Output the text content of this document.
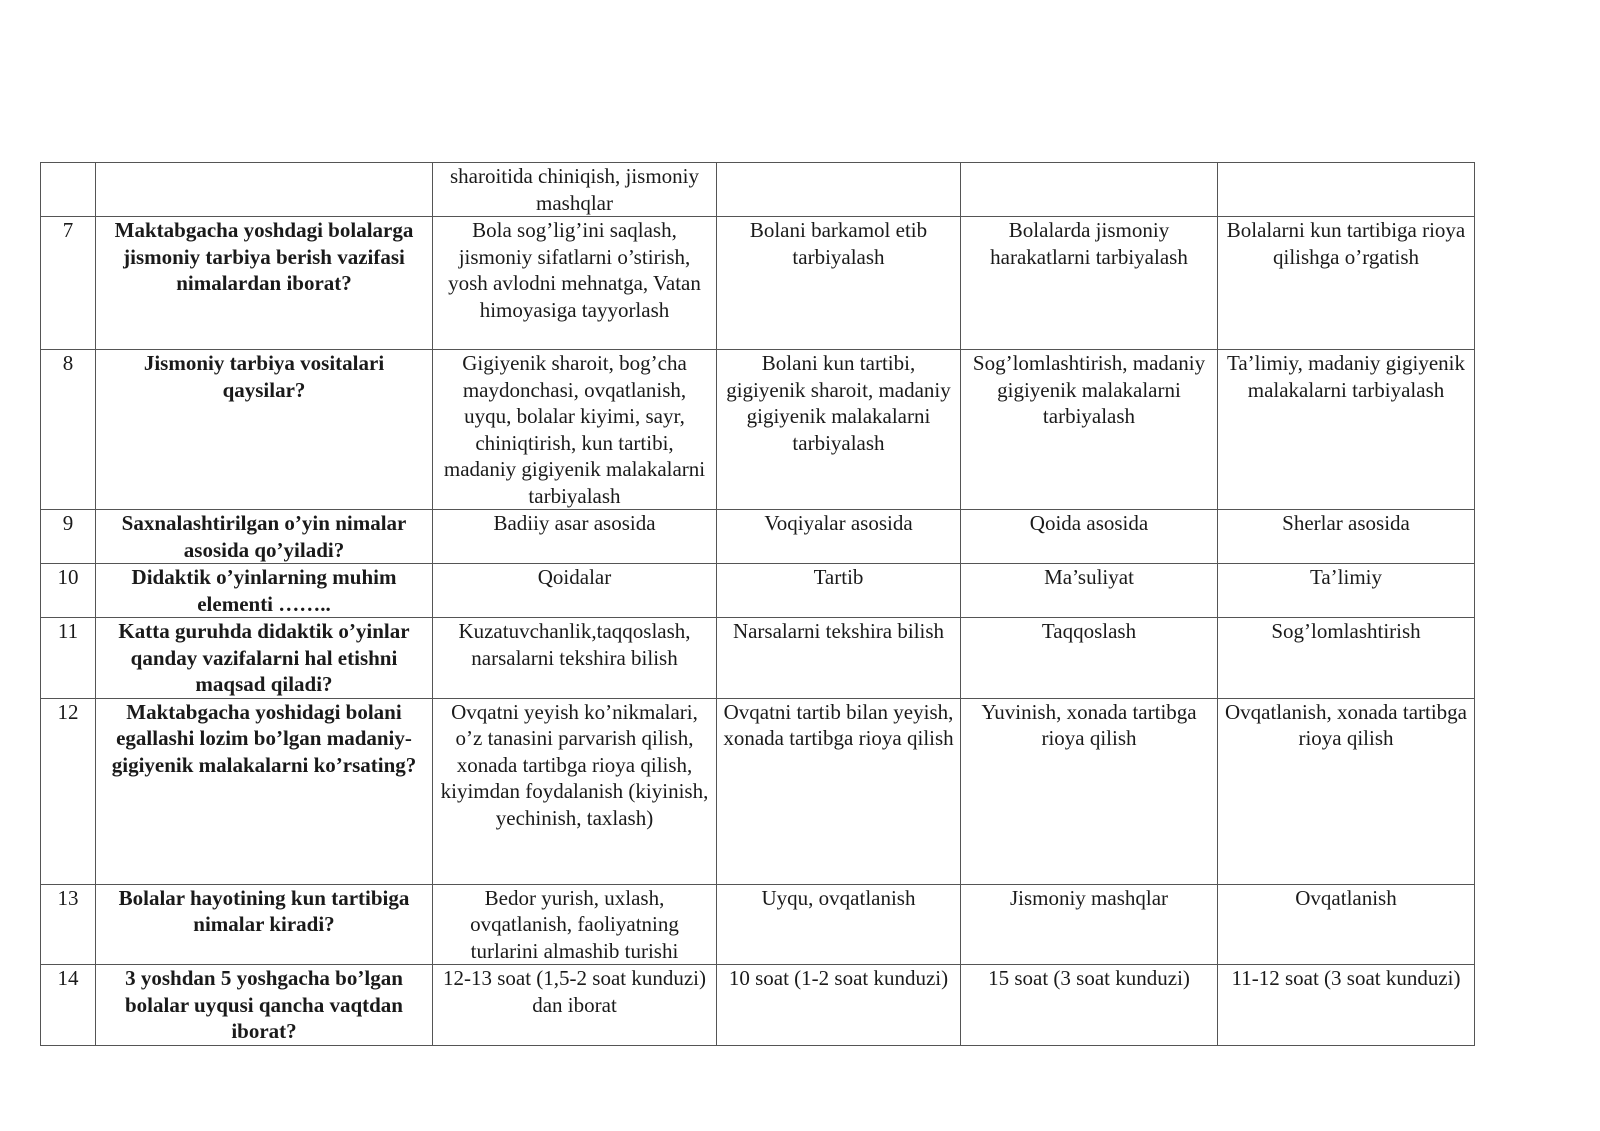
		sharoitida chiniqish, jismoniy mashqlar			
7	Maktabgacha yoshdagi bolalarga jismoniy tarbiya berish vazifasi nimalardan iborat?	Bola sog’lig’ini saqlash, jismoniy sifatlarni o’stirish, yosh avlodni mehnatga, Vatan himoyasiga tayyorlash	Bolani barkamol etib tarbiyalash	Bolalarda jismoniy harakatlarni tarbiyalash	Bolalarni kun tartibiga rioya qilishga o’rgatish
8	Jismoniy tarbiya vositalari qaysilar?	Gigiyenik sharoit, bog’cha maydonchasi, ovqatlanish, uyqu, bolalar kiyimi, sayr, chiniqtirish, kun tartibi, madaniy gigiyenik malakalarni tarbiyalash	Bolani kun tartibi, gigiyenik sharoit, madaniy gigiyenik malakalarni tarbiyalash	Sog’lomlashtirish, madaniy gigiyenik malakalarni tarbiyalash	Ta’limiy, madaniy gigiyenik malakalarni tarbiyalash
9	Saxnalashtirilgan o’yin nimalar asosida qo’yiladi?	Badiiy asar asosida	Voqiyalar asosida	Qoida asosida	Sherlar asosida
10	Didaktik o’yinlarning muhim elementi ……..	Qoidalar	Tartib	Ma’suliyat	Ta’limiy
11	Katta guruhda didaktik o’yinlar qanday vazifalarni hal etishni maqsad qiladi?	Kuzatuvchanlik,taqqoslash, narsalarni tekshira bilish	Narsalarni tekshira bilish	Taqqoslash	Sog’lomlashtirish
12	Maktabgacha yoshidagi bolani egallashi lozim bo’lgan madaniy-gigiyenik malakalarni ko’rsating?	Ovqatni yeyish ko’nikmalari, o’z tanasini parvarish qilish, xonada tartibga rioya qilish, kiyimdan foydalanish (kiyinish, yechinish, taxlash)	Ovqatni tartib bilan yeyish, xonada tartibga rioya qilish	Yuvinish, xonada tartibga rioya qilish	Ovqatlanish, xonada tartibga rioya qilish
13	Bolalar hayotining kun tartibiga nimalar kiradi?	Bedor yurish, uxlash, ovqatlanish, faoliyatning turlarini almashib turishi	Uyqu, ovqatlanish	Jismoniy mashqlar	Ovqatlanish
14	3 yoshdan 5 yoshgacha bo’lgan bolalar uyqusi qancha vaqtdan iborat?	12-13 soat (1,5-2 soat kunduzi) dan iborat	10 soat (1-2 soat kunduzi)	15 soat (3 soat kunduzi)	11-12 soat (3 soat kunduzi)
